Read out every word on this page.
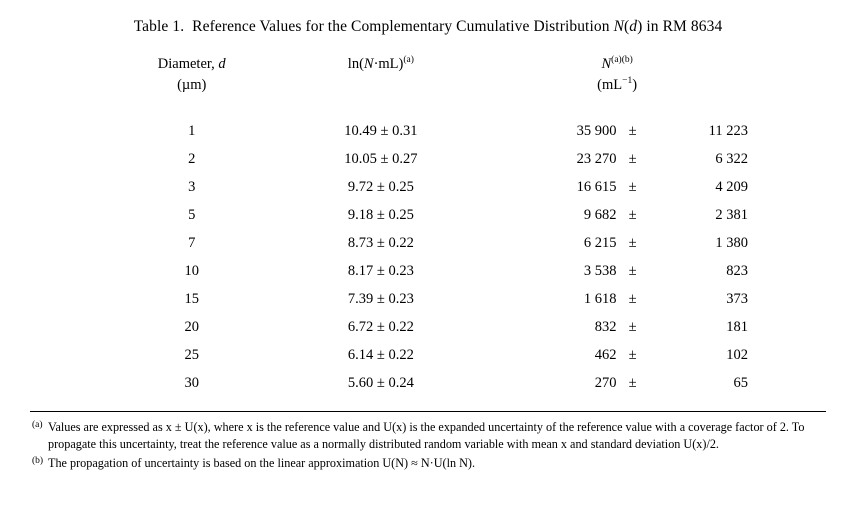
Table 1. Reference Values for the Complementary Cumulative Distribution N(d) in RM 8634
Diameter, d
(µm)	$\ln(N\cdot mL)^{(a)}$	$N^{(a)(b)}$
$(mL^{-1})$		

1	10.49 ± 0.31	35 900	±	11 223
2	10.05 ± 0.27	23 270	±	6 322
3	9.72 ± 0.25	16 615	±	4 209
5	9.18 ± 0.25	9 682	±	2 381
7	8.73 ± 0.22	6 215	±	1 380
10	8.17 ± 0.23	3 538	±	823
15	7.39 ± 0.23	1 618	±	373
20	6.72 ± 0.22	832	±	181
25	6.14 ± 0.22	462	±	102
30	5.60 ± 0.24	270	±	65
(a) Values are expressed as x ± U(x), where x is the reference value and U(x) is the expanded uncertainty of the reference value with a coverage factor of 2. To propagate this uncertainty, treat the reference value as a normally distributed random variable with mean x and standard deviation U(x)/2.
(b) The propagation of uncertainty is based on the linear approximation U(N) ≈ N·U(ln N).
